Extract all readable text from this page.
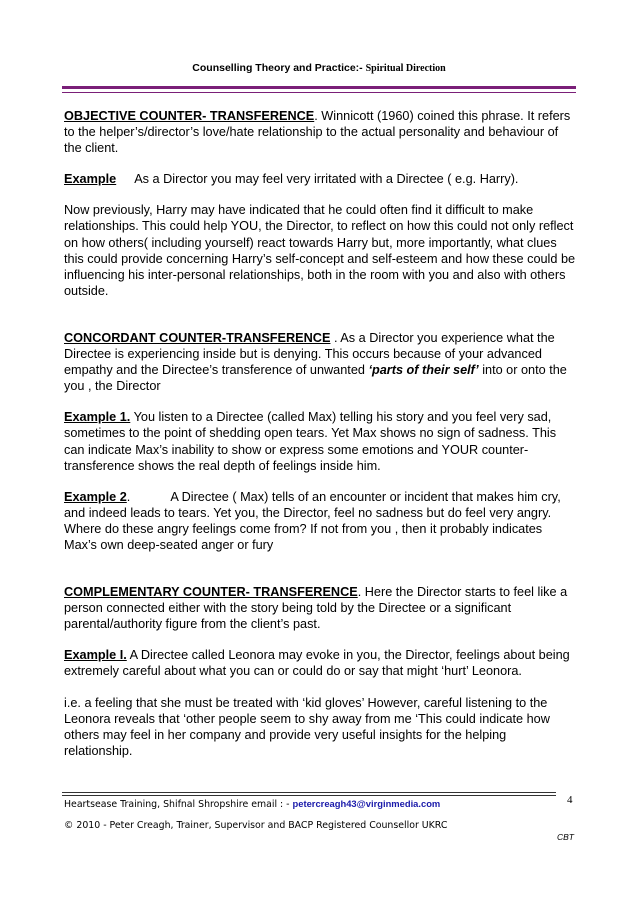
Counselling Theory and Practice:- Spiritual Direction

OBJECTIVE COUNTER- TRANSFERENCE. Winnicott (1960) coined this phrase. It refers to the helper’s/director’s love/hate relationship to the actual personality and behaviour of the client.

Example As a Director you may feel very irritated with a Directee ( e.g. Harry).

Now previously, Harry may have indicated that he could often find it difficult to make relationships. This could help YOU, the Director, to reflect on how this could not only reflect on how others( including yourself) react towards Harry but, more importantly, what clues this could provide concerning Harry’s self-concept and self-esteem and how these could be influencing his inter-personal relationships, both in the room with you and also with others outside.

CONCORDANT COUNTER-TRANSFERENCE . As a Director you experience what the Directee is experiencing inside but is denying. This occurs because of your advanced empathy and the Directee’s transference of unwanted ‘parts of their self’ into or onto the you , the Director

Example 1. You listen to a Directee (called Max) telling his story and you feel very sad, sometimes to the point of shedding open tears. Yet Max shows no sign of sadness. This can indicate Max’s inability to show or express some emotions and YOUR counter-transference shows the real depth of feelings inside him.

Example 2.	A Directee ( Max) tells of an encounter or incident that makes him cry, and indeed leads to tears. Yet you, the Director, feel no sadness but do feel very angry. Where do these angry feelings come from? If not from you , then it probably indicates Max’s own deep-seated anger or fury

COMPLEMENTARY COUNTER- TRANSFERENCE. Here the Director starts to feel like a person connected either with the story being told by the Directee or a significant parental/authority figure from the client’s past.

Example I. A Directee called Leonora may evoke in you, the Director, feelings about being extremely careful about what you can or could do or say that might ‘hurt’ Leonora.

i.e. a feeling that she must be treated with ‘kid gloves’ However, careful listening to the Leonora reveals that ‘other people seem to shy away from me ‘This could indicate how others may feel in her company and provide very useful insights for the helping relationship.

Heartsease Training, Shifnal Shropshire email : - petercreagh43@virginmedia.com	4
© 2010 - Peter Creagh, Trainer, Supervisor and BACP Registered Counsellor UKRC
CBT
